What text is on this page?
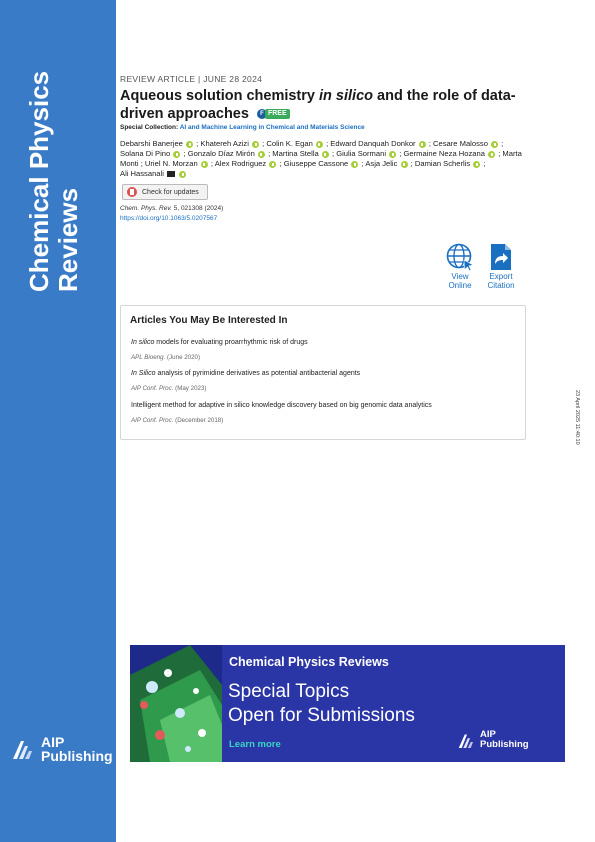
Chemical Physics Reviews
AIP
Publishing
REVIEW ARTICLE | JUNE 28 2024
Aqueous solution chemistry in silico and the role of data-driven approaches	F FREE
Special Collection: AI and Machine Learning in Chemical and Materials Science
Debarshi Banerjee  ; Khatereh Azizi  ; Colin K. Egan  ; Edward Danquah Donkor  ; Cesare Malosso  ; Solana Di Pino  ; Gonzalo Díaz Mirón  ; Martina Stella  ; Giulia Sormani  ; Germaine Neza Hozana  ; Marta Monti ; Uriel N. Morzan  ; Alex Rodriguez  ; Giuseppe Cassone  ; Asja Jelic  ; Damian Scherlis  ;
Ali Hassanali
Check for updates
Chem. Phys. Rev. 5, 021308 (2024)
https://doi.org/10.1063/5.0207567
View
Online
Export
Citation
Articles You May Be Interested In
In silico models for evaluating proarrhythmic risk of drugs
APL Bioeng. (June 2020)
In Silico analysis of pyrimidine derivatives as potential antibacterial agents
AIP Conf. Proc. (May 2023)
Intelligent method for adaptive in silico knowledge discovery based on big genomic data analytics
AIP Conf. Proc. (December 2018)	23 April 2025 11:40:10
Chemical Physics Reviews
Special Topics
Open for Submissions
Learn more
AIP
Publishing
